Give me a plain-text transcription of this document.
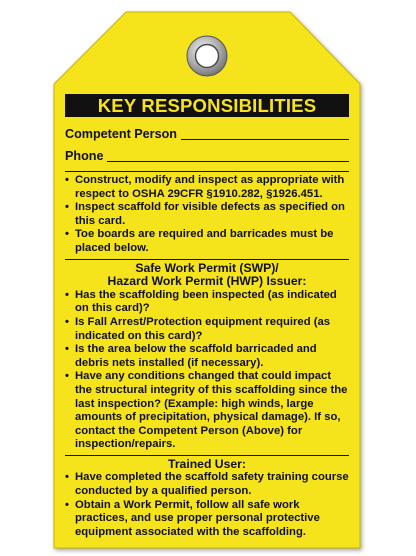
KEY RESPONSIBILITIES
Competent Person
Phone
• Construct, modify and inspect as appropriate with respect to OSHA 29CFR §1910.282, §1926.451.
• Inspect scaffold for visible defects as specified on this card.
• Toe boards are required and barricades must be placed below.
Safe Work Permit (SWP)/
Hazard Work Permit (HWP) Issuer:
• Has the scaffolding been inspected (as indicated on this card)?
• Is Fall Arrest/Protection equipment required (as indicated on this card)?
• Is the area below the scaffold barricaded and debris nets installed (if necessary).
• Have any conditions changed that could impact the structural integrity of this scaffolding since the last inspection? (Example: high winds, large amounts of precipitation, physical damage). If so, contact the Competent Person (Above) for inspection/repairs.
Trained User:
• Have completed the scaffold safety training course conducted by a qualified person.
• Obtain a Work Permit, follow all safe work practices, and use proper personal protective equipment associated with the scaffolding.
